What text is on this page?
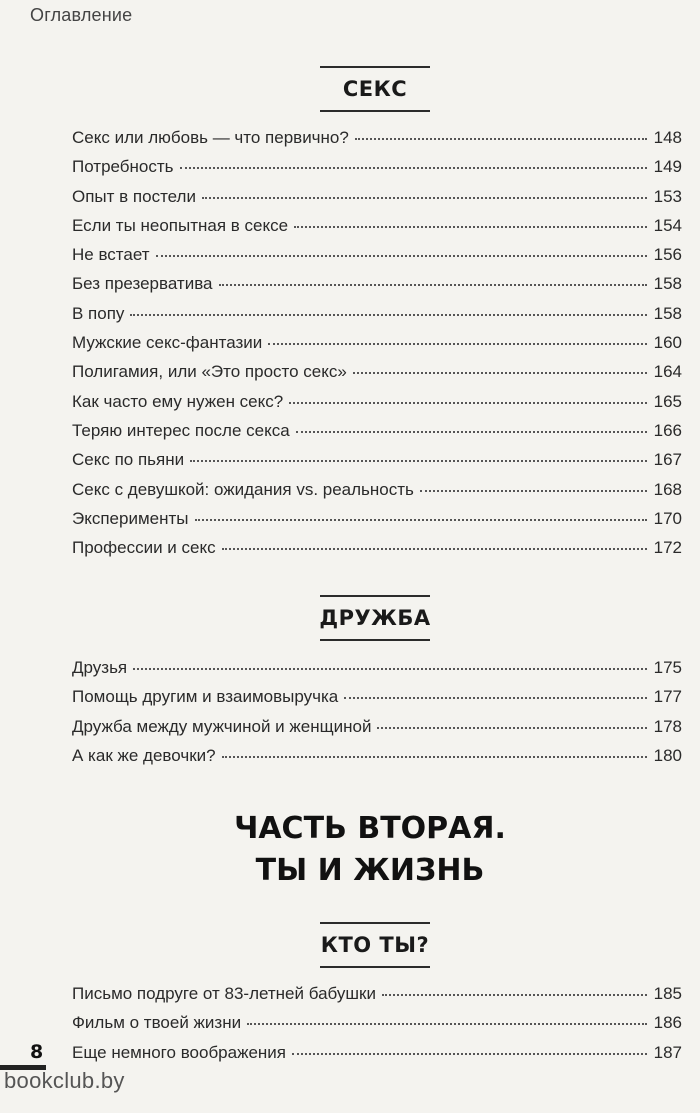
Оглавление
СЕКС
Секс или любовь — что первично?	148
Потребность	149
Опыт в постели	153
Если ты неопытная в сексе	154
Не встает	156
Без презерватива	158
В попу	158
Мужские секс-фантазии	160
Полигамия, или «Это просто секс»	164
Как часто ему нужен секс?	165
Теряю интерес после секса	166
Секс по пьяни	167
Секс с девушкой: ожидания vs. реальность	168
Эксперименты	170
Профессии и секс	172
ДРУЖБА
Друзья	175
Помощь другим и взаимовыручка	177
Дружба между мужчиной и женщиной	178
А как же девочки?	180
ЧАСТЬ ВТОРАЯ.
ТЫ И ЖИЗНЬ
КТО ТЫ?
Письмо подруге от 83-летней бабушки	185
Фильм о твоей жизни	186
Еще немного воображения	187
8
bookclub.by
